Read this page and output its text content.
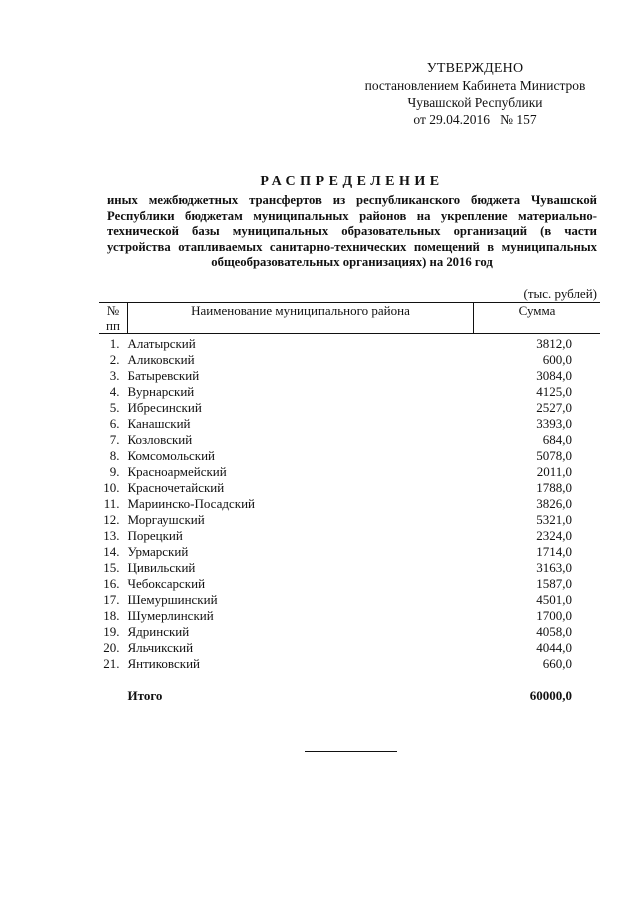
УТВЕРЖДЕНО
постановлением Кабинета Министров
Чувашской Республики
от 29.04.2016   № 157
РАСПРЕДЕЛЕНИЕ

иных межбюджетных трансфертов из республиканского бюджета Чувашской Республики бюджетам муниципальных районов на укрепление материально-технической базы муниципальных образовательных организаций (в части устройства отапливаемых санитарно-технических помещений в муниципальных общеобразовательных организациях) на 2016 год

(тыс. рублей)
№
пп	Наименование муниципального района	Сумма
1.	Алатырский	3812,0
2.	Аликовский	600,0
3.	Батыревский	3084,0
4.	Вурнарский	4125,0
5.	Ибресинский	2527,0
6.	Канашский	3393,0
7.	Козловский	684,0
8.	Комсомольский	5078,0
9.	Красноармейский	2011,0
10.	Красночетайский	1788,0
11.	Мариинско-Посадский	3826,0
12.	Моргаушский	5321,0
13.	Порецкий	2324,0
14.	Урмарский	1714,0
15.	Цивильский	3163,0
16.	Чебоксарский	1587,0
17.	Шемуршинский	4501,0
18.	Шумерлинский	1700,0
19.	Ядринский	4058,0
20.	Яльчикский	4044,0
21.	Янтиковский	660,0

	Итого	60000,0
